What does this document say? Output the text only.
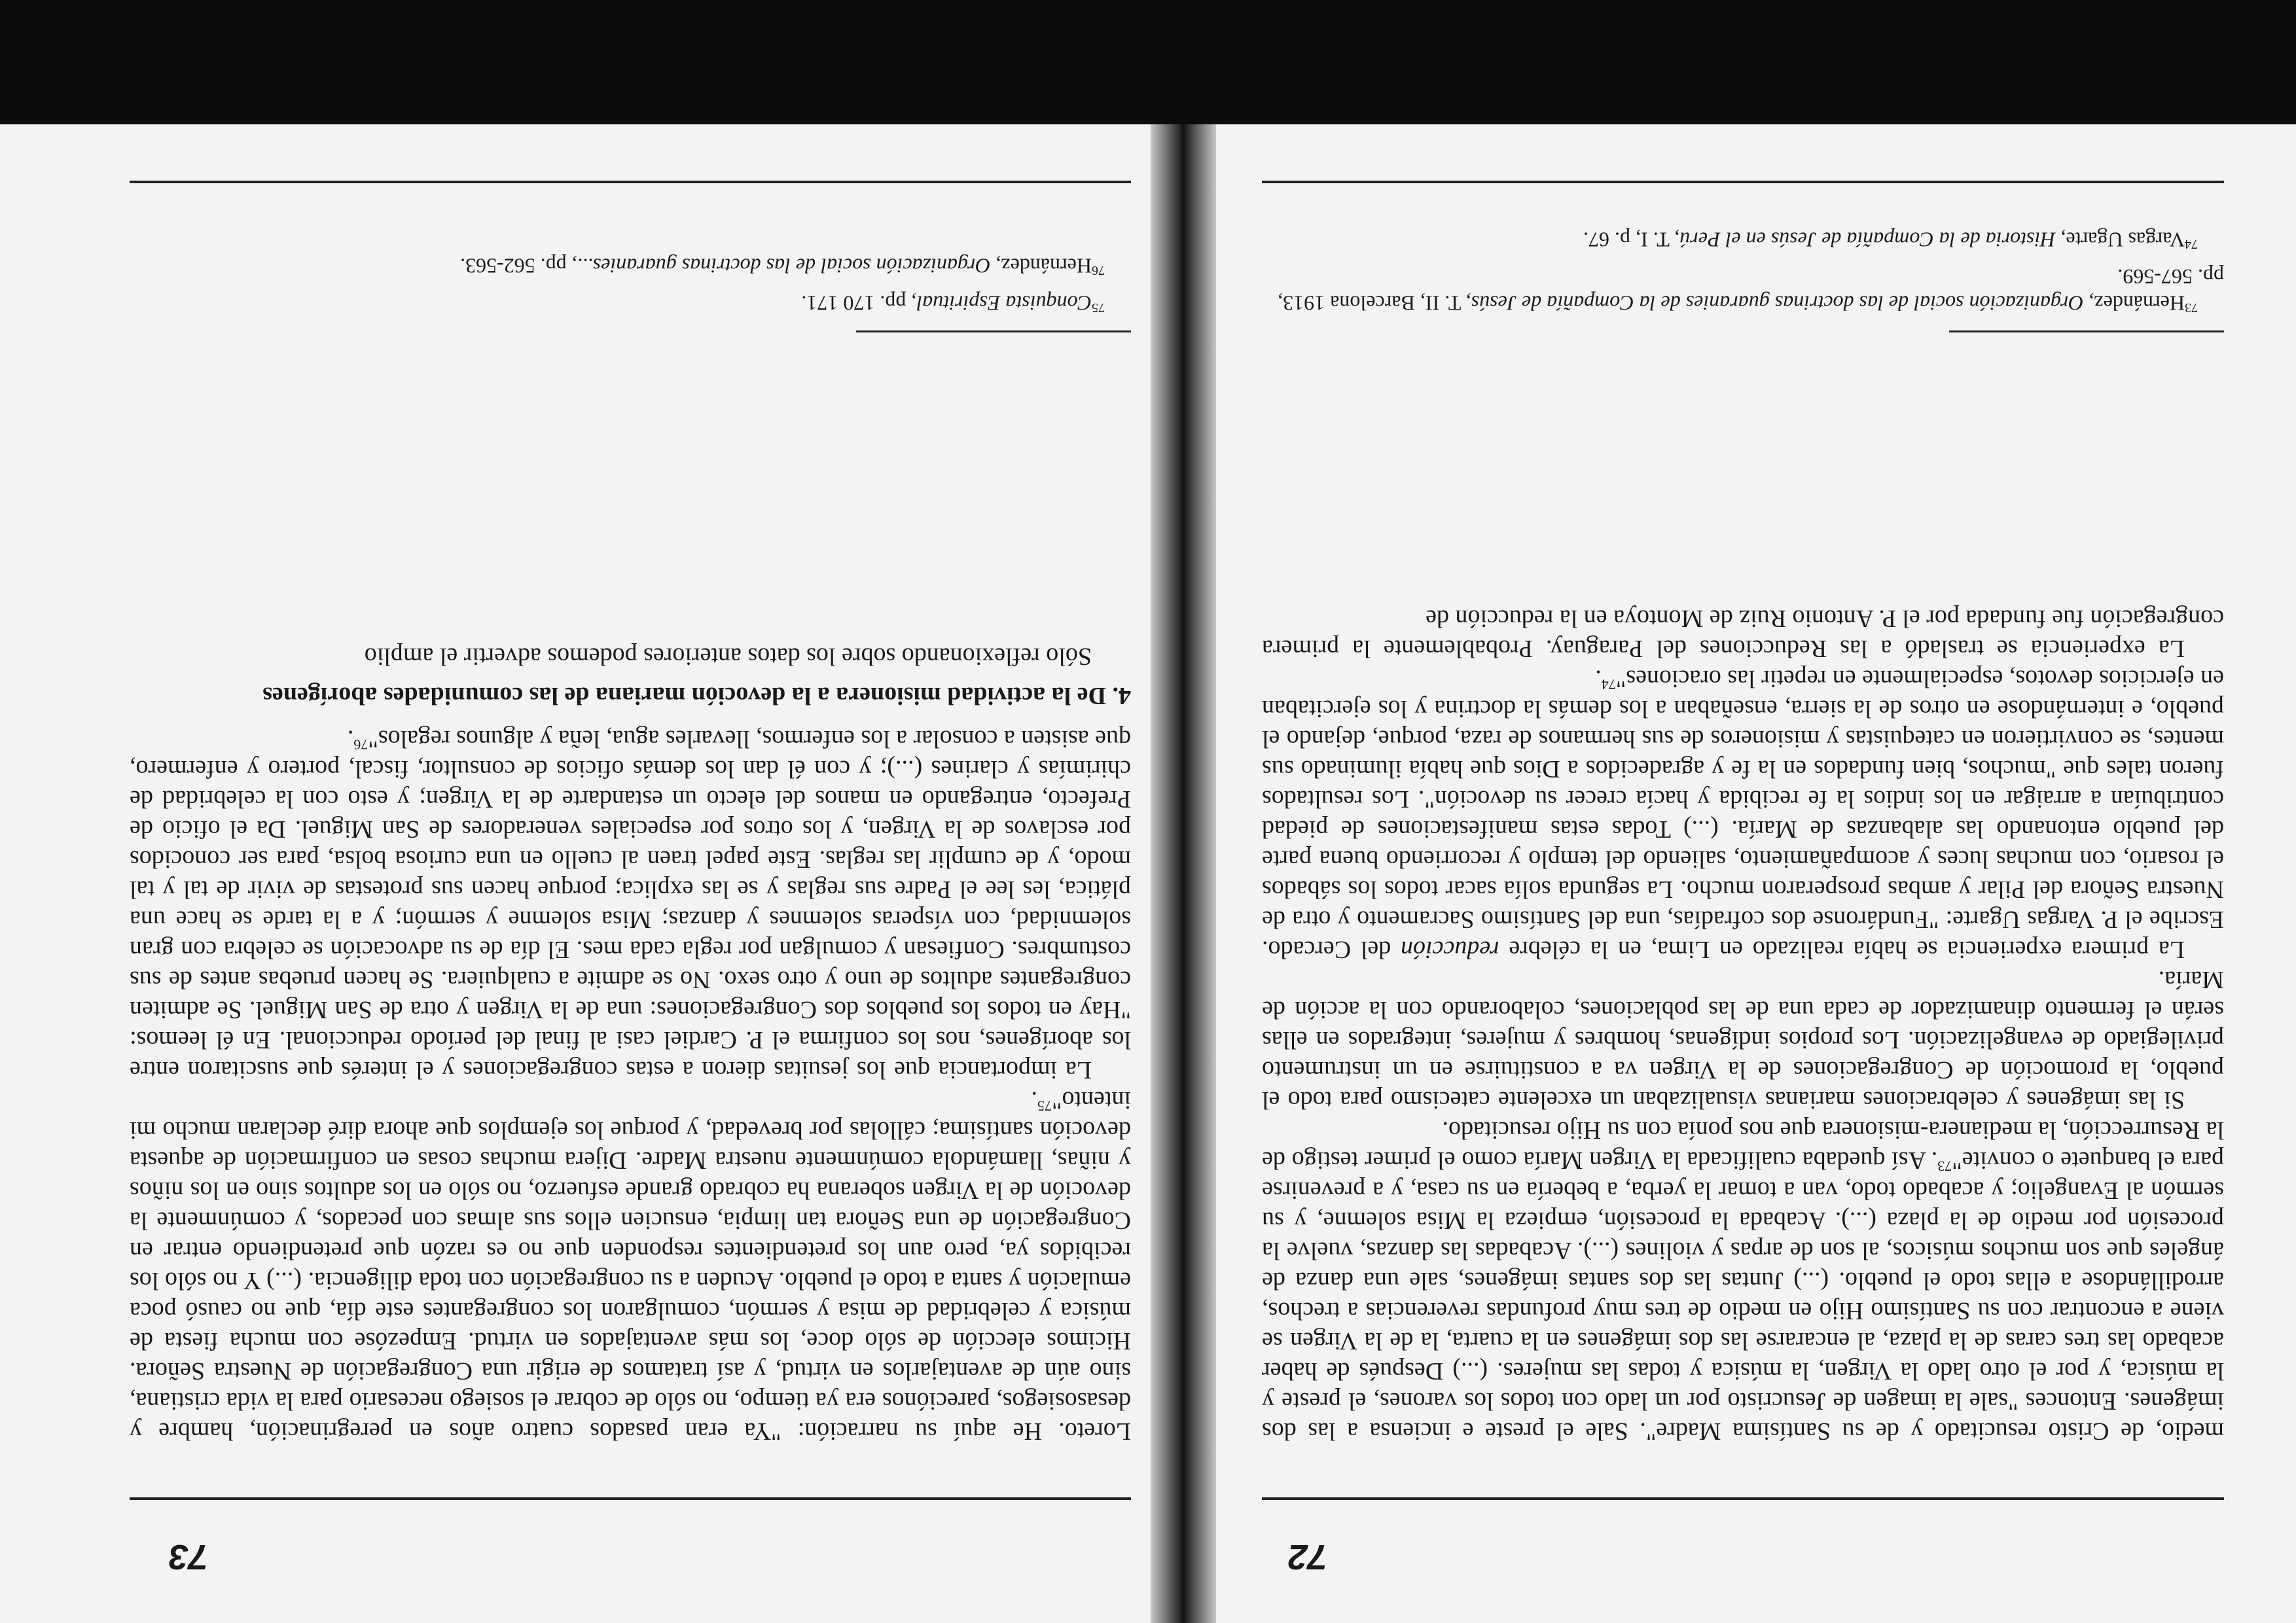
72

medio, de Cristo resucitado y de su Santísima Madre". Sale el preste e inciensa a las dos imágenes. Entonces "sale la imagen de Jesucristo por un lado con todos los varones, el preste y la música, y por el otro lado la Virgen, la música y todas las mujeres. (...) Después de haber acabado las tres caras de la plaza, al encararse las dos imágenes en la cuarta, la de la Virgen se viene a encontrar con su Santísimo Hijo en medio de tres muy profundas reverencias a trechos, arrodillándose a ellas todo el pueblo. (...) Juntas las dos santas imágenes, sale una danza de ángeles que son muchos músicos, al son de arpas y violines (...). Acabadas las danzas, vuelve la procesión por medio de la plaza (...). Acabada la procesión, empieza la Misa solemne, y su sermón al Evangelio; y acabado todo, van a tomar la yerba, a bebería en su casa, y a prevenirse para el banquete o convite"$^{73}$. Así quedaba cualificada la Virgen María como el primer testigo de la Resurrección, la medianera-misionera que nos ponía con su Hijo resucitado.

Si las imágenes y celebraciones marianas visualizaban un excelente catecismo para todo el pueblo, la promoción de Congregaciones de la Virgen va a constituirse en un instrumento privilegiado de evangelización. Los propios indígenas, hombres y mujeres, integrados en ellas serán el fermento dinamizador de cada una de las poblaciones, colaborando con la acción de María.

La primera experiencia se había realizado en Lima, en la célebre reducción del Cercado. Escribe el P. Vargas Ugarte: "Fundáronse dos cofradías, una del Santísimo Sacramento y otra de Nuestra Señora del Pilar y ambas prosperaron mucho. La segunda solía sacar todos los sábados el rosario, con muchas luces y acompañamiento, saliendo del templo y recorriendo buena parte del pueblo entonando las alabanzas de María. (...) Todas estas manifestaciones de piedad contribuían a arraigar en los indios la fe recibida y hacía crecer su devoción". Los resultados fueron tales que "muchos, bien fundados en la fe y agradecidos a Dios que había iluminado sus mentes, se convirtieron en catequistas y misioneros de sus hermanos de raza, porque, dejando el pueblo, e internándose en otros de la sierra, enseñaban a los demás la doctrina y los ejercitaban en ejercicios devotos, especialmente en repetir las oraciones"$^{74}$.

La experiencia se trasladó a las Reducciones del Paraguay. Probablemente la primera congregación fue fundada por el P. Antonio Ruiz de Montoya en la reducción de

$^{73}$Hernández, Organización social de las doctrinas guaranies de la Compañía de Jesús, T. II, Barcelona 1913, pp. 567-569.

$^{74}$Vargas Ugarte, Historia de la Compañía de Jesús en el Perú, T. I, p. 67.

73

Loreto. He aquí su narración: "Ya eran pasados cuatro años en peregrinación, hambre y desasosiegos, pareciónos era ya tiempo, no sólo de cobrar el sosiego necesario para la vida cristiana, sino aún de aventajarlos en virtud, y así tratamos de erigir una Congregación de Nuestra Señora. Hicimos elección de sólo doce, los más aventajados en virtud. Empezóse con mucha fiesta de música y celebridad de misa y sermón, comulgaron los congregantes este día, que no causó poca emulación y santa a todo el pueblo. Acuden a su congregación con toda diligencia. (...) Y no sólo los recibidos ya, pero aun los pretendientes responden que no es razón que pretendiendo entrar en Congregación de una Señora tan limpia, ensucien ellos sus almas con pecados, y comúnmente la devoción de la Virgen soberana ha cobrado grande esfuerzo, no sólo en los adultos sino en los niños y niñas, llamándola comúnmente nuestra Madre. Dijera muchas cosas en confirmación de aquesta devoción santísima; cállolas por brevedad, y porque los ejemplos que ahora diré declaran mucho mi intento"$^{75}$.

La importancia que los jesuitas dieron a estas congregaciones y el interés que suscitaron entre los aborígenes, nos los confirma el P. Cardiel casi al final del período reduccional. En él leemos: "Hay en todos los pueblos dos Congregaciones: una de la Virgen y otra de San Miguel. Se admiten congregantes adultos de uno y otro sexo. No se admite a cualquiera. Se hacen pruebas antes de sus costumbres. Confiesan y comulgan por regla cada mes. El día de su advocación se celebra con gran solemnidad, con vísperas solemnes y danzas; Misa solemne y sermón; y a la tarde se hace una plática, les lee el Padre sus reglas y se las explica; porque hacen sus protestas de vivir de tal y tal modo, y de cumplir las reglas. Este papel traen al cuello en una curiosa bolsa, para ser conocidos por esclavos de la Virgen, y los otros por especiales veneradores de San Miguel. Da el oficio de Prefecto, entregando en manos del electo un estandarte de la Virgen; y esto con la celebridad de chirimías y clarines (...); y con él dan los demás oficios de consultor, fiscal, portero y enfermero, que asisten a consolar a los enfermos, llevarles agua, leña y algunos regalos"$^{76}$.

4. De la actividad misionera a la devoción mariana de las comunidades aborígenes

Sólo reflexionando sobre los datos anteriores podemos advertir el amplio

$^{75}$Conquista Espiritual, pp. 170 171.

$^{76}$Hernández, Organización social de las doctrinas guaranies..., pp. 562-563.
